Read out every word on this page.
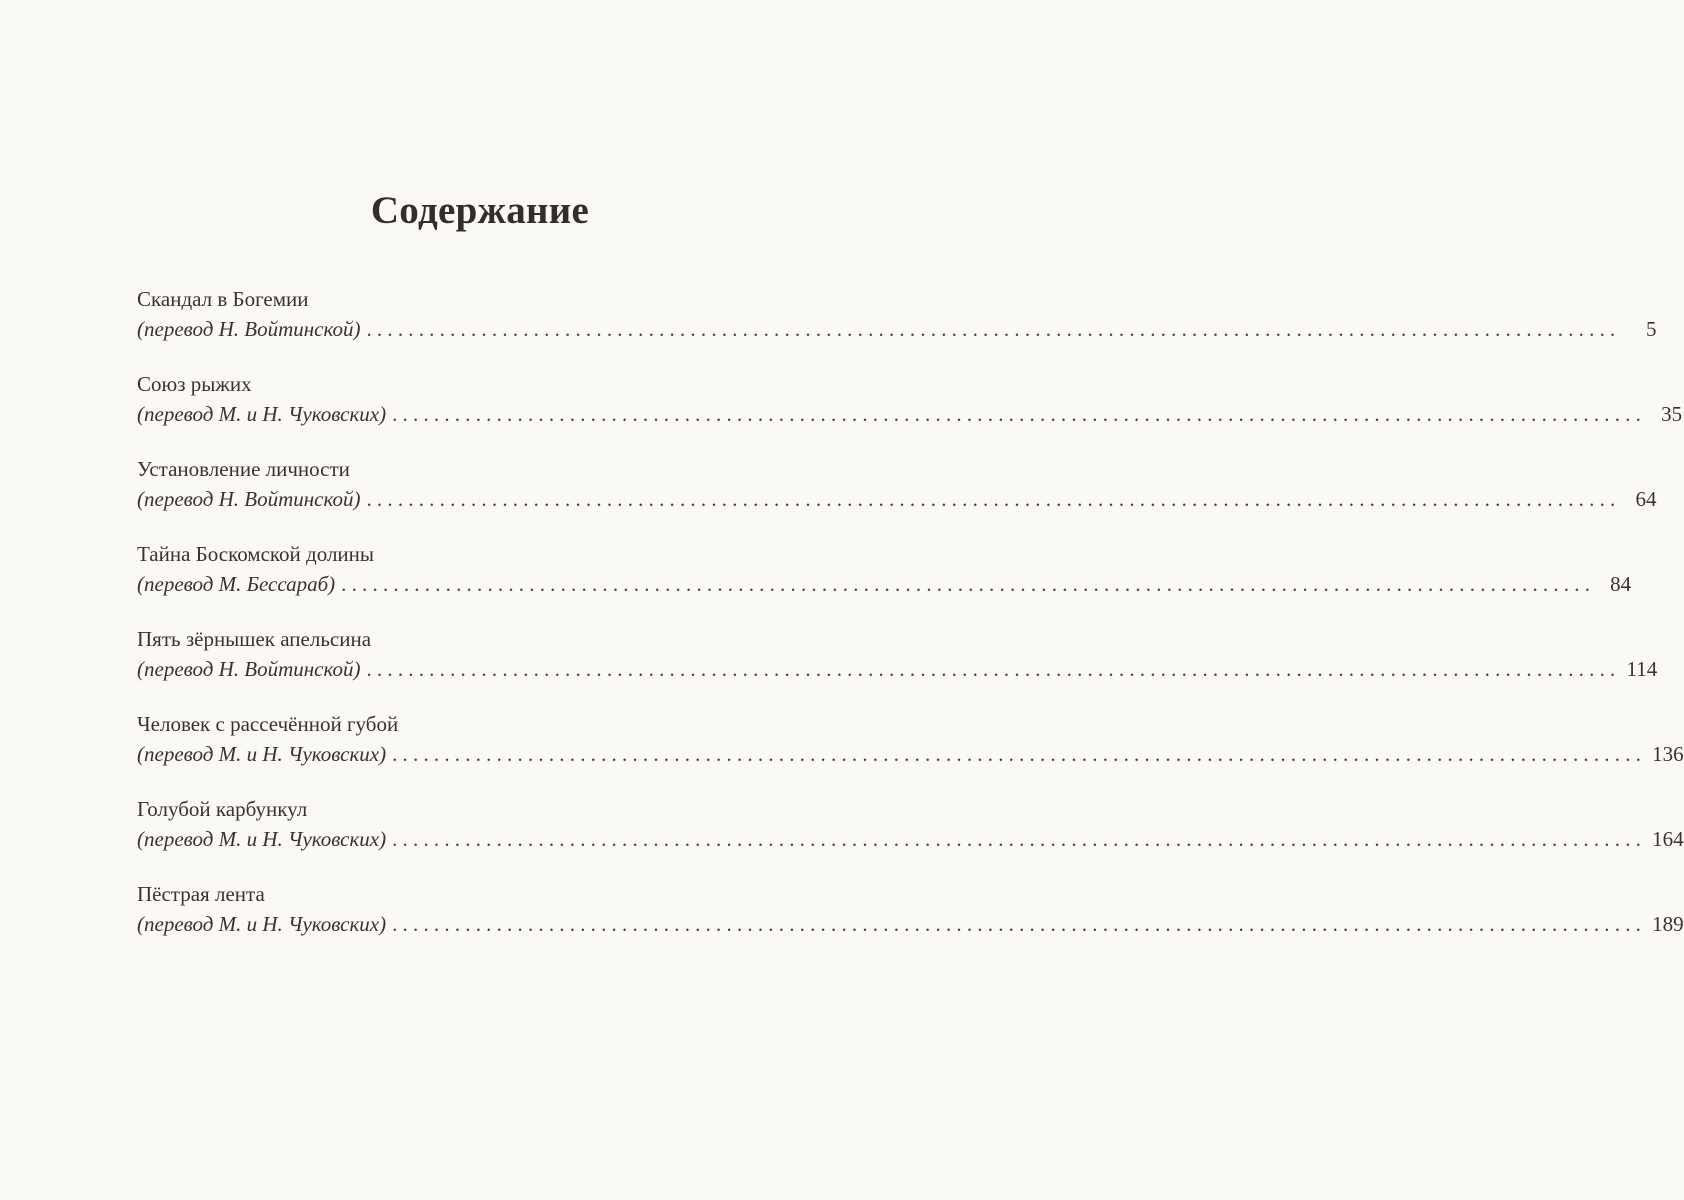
Содержание
Скандал в Богемии
(перевод Н. Войтинской) ........................................................................................................................	5
Союз рыжих
(перевод М. и Н. Чуковских) ........................................................................................................................ 35
Установление личности
(перевод Н. Войтинской) ........................................................................................................................ 64
Тайна Боскомской долины
(перевод М. Бессараб) ........................................................................................................................ 84
Пять зёрнышек апельсина
(перевод Н. Войтинской) ........................................................................................................................ 114
Человек с рассечённой губой
(перевод М. и Н. Чуковских) ........................................................................................................................ 136
Голубой карбункул
(перевод М. и Н. Чуковских) ........................................................................................................................ 164
Пёстрая лента
(перевод М. и Н. Чуковских) ........................................................................................................................ 189
